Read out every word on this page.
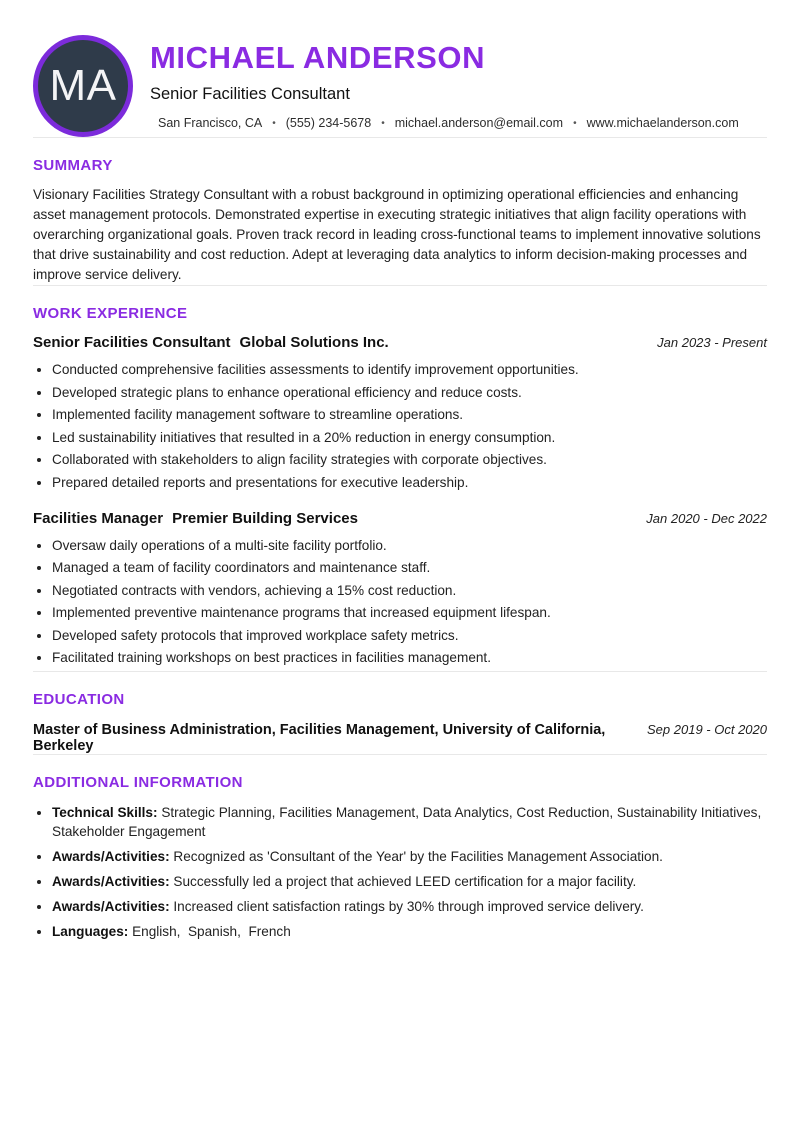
MA
MICHAEL ANDERSON
Senior Facilities Consultant
San Francisco, CA • (555) 234-5678 • michael.anderson@email.com • www.michaelanderson.com
SUMMARY

Visionary Facilities Strategy Consultant with a robust background in optimizing operational efficiencies and enhancing asset management protocols. Demonstrated expertise in executing strategic initiatives that align facility operations with overarching organizational goals. Proven track record in leading cross-functional teams to implement innovative solutions that drive sustainability and cost reduction. Adept at leveraging data analytics to inform decision-making processes and improve service delivery.

WORK EXPERIENCE
Senior Facilities Consultant Global Solutions Inc.	Jan 2023 - Present
• Conducted comprehensive facilities assessments to identify improvement opportunities.
• Developed strategic plans to enhance operational efficiency and reduce costs.
• Implemented facility management software to streamline operations.
• Led sustainability initiatives that resulted in a 20% reduction in energy consumption.
• Collaborated with stakeholders to align facility strategies with corporate objectives.
• Prepared detailed reports and presentations for executive leadership.
Facilities Manager Premier Building Services	Jan 2020 - Dec 2022
• Oversaw daily operations of a multi-site facility portfolio.
• Managed a team of facility coordinators and maintenance staff.
• Negotiated contracts with vendors, achieving a 15% cost reduction.
• Implemented preventive maintenance programs that increased equipment lifespan.
• Developed safety protocols that improved workplace safety metrics.
• Facilitated training workshops on best practices in facilities management.
EDUCATION
Master of Business Administration, Facilities Management, University of California, Berkeley
Sep 2019 - Oct 2020
ADDITIONAL INFORMATION
• Technical Skills: Strategic Planning, Facilities Management, Data Analytics, Cost Reduction, Sustainability Initiatives, Stakeholder Engagement
• Awards/Activities: Recognized as 'Consultant of the Year' by the Facilities Management Association.
• Awards/Activities: Successfully led a project that achieved LEED certification for a major facility.
• Awards/Activities: Increased client satisfaction ratings by 30% through improved service delivery.
• Languages: English,  Spanish,  French
